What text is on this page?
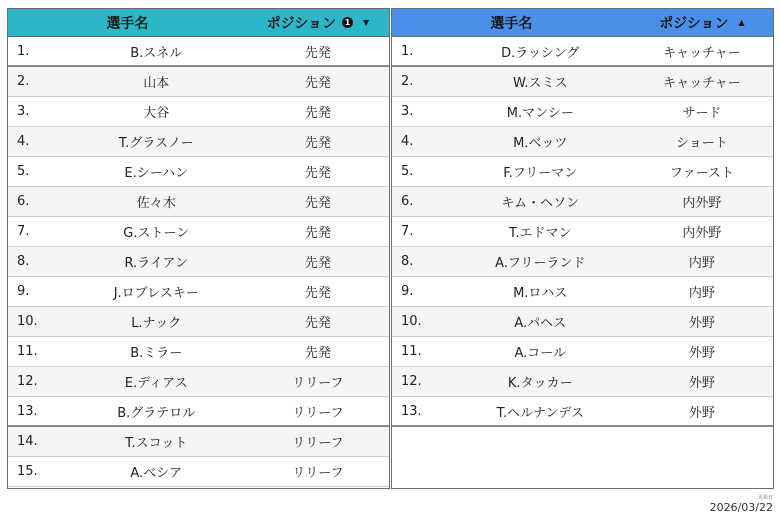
選手名	ポジション	1	▼
1.	B.スネル	先発
2.	山本	先発
3.	大谷	先発
4.	T.グラスノー	先発
5.	E.シーハン	先発
6.	佐々木	先発
7.	G.ストーン	先発
8.	R.ライアン	先発
9.	J.ロブレスキー	先発
10.	L.ナック	先発
11.	B.ミラー	先発
12.	E.ディアス	リリーフ
13.	B.グラテロル	リリーフ
14.	T.スコット	リリーフ
15.	A.ベシア	リリーフ
選手名	ポジション ▲
1.	D.ラッシング	キャッチャー
2.	W.スミス	キャッチャー
3.	M.マンシー	サード
4.	M.ベッツ	ショート
5.	F.フリーマン	ファースト
6.	キム・ヘソン	内外野
7.	T.エドマン	内外野
8.	A.フリーランド	内野
9.	M.ロハス	内野
10.	A.パヘス	外野
11.	A.コール	外野
12.	K.タッカー	外野
13.	T.ヘルナンデス	外野
更新日
2026/03/22
